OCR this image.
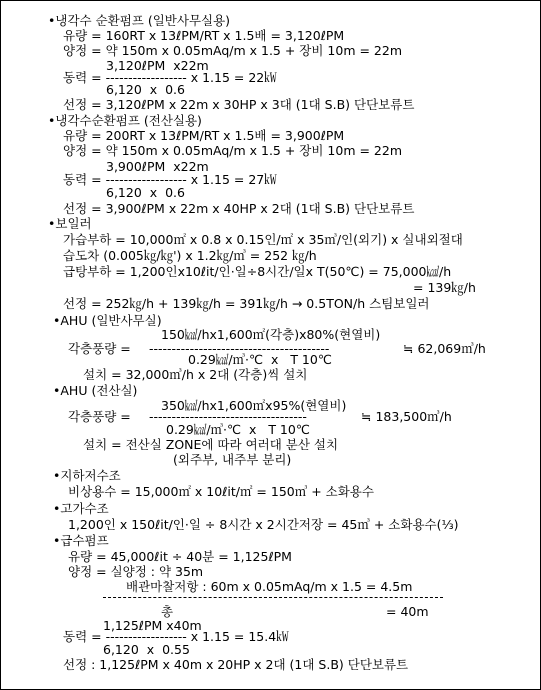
•냉각수 순환펌프 (일반사무실용)
유량 = 160RT x 13ℓPM/RT x 1.5배 = 3,120ℓPM
양정 = 약 150m x 0.05mAq/m x 1.5 + 장비 10m = 22m
3,120ℓPM  x22m
동력 = ------------------ x 1.15 = 22㎾
6,120  x  0.6
선정 = 3,120ℓPM x 22m x 30HP x 3대 (1대 S.B) 단단보류트
•냉각수순환펌프 (전산실용)
유량 = 200RT x 13ℓPM/RT x 1.5배 = 3,900ℓPM
양정 = 약 150m x 0.05mAq/m x 1.5 + 장비 10m = 22m
3,900ℓPM  x22m
동력 = ------------------ x 1.15 = 27㎾
6,120  x  0.6
선정 = 3,900ℓPM x 22m x 40HP x 2대 (1대 S.B) 단단보류트
•보일러
가습부하 = 10,000㎡ x 0.8 x 0.15인/㎡ x 35㎥/인(외기) x 실내외절대
습도차 (0.005㎏/㎏') x 1.2㎏/㎥ = 252 ㎏/h
급탕부하 = 1,200인x10ℓit/인·일÷8시간/일x T(50℃) = 75,000㎉/h
= 139㎏/h
선정 = 252㎏/h + 139㎏/h = 391㎏/h → 0.5TON/h 스팀보일러
•AHU (일반사무실)
150㎉/hx1,600㎡(각층)x80%(현열비)
각층풍량 = ----------------------------------------	≒ 62,069㎥/h
0.29㎉/㎥·℃  x   T 10℃
설치 = 32,000㎥/h x 2대 (각층)씩 설치
•AHU (전산실)
350㎉/hx1,600㎡x95%(현열비)
각층풍량 = -----------------------------------	≒ 183,500㎥/h
0.29㎉/㎥·℃  x   T 10℃
설치 = 전산실 ZONE에 따라 여러대 분산 설치
(외주부, 내주부 분리)
•지하저수조
비상용수 = 15,000㎡ x 10ℓit/㎡ = 150㎥ + 소화용수
•고가수조
1,200인 x 150ℓit/인·일 ÷ 8시간 x 2시간저장 = 45㎥ + 소화용수(⅓)
•급수펌프
유량 = 45,000ℓit ÷ 40분 = 1,125ℓPM
양정 = 실양정 : 약 35m
배관마찰저항 : 60m x 0.05mAq/m x 1.5 = 4.5m
총	= 40m
1,125ℓPM x40m
동력 = ------------------ x 1.15 = 15.4㎾
6,120  x  0.55
선정 : 1,125ℓPM x 40m x 20HP x 2대 (1대 S.B) 단단보류트
